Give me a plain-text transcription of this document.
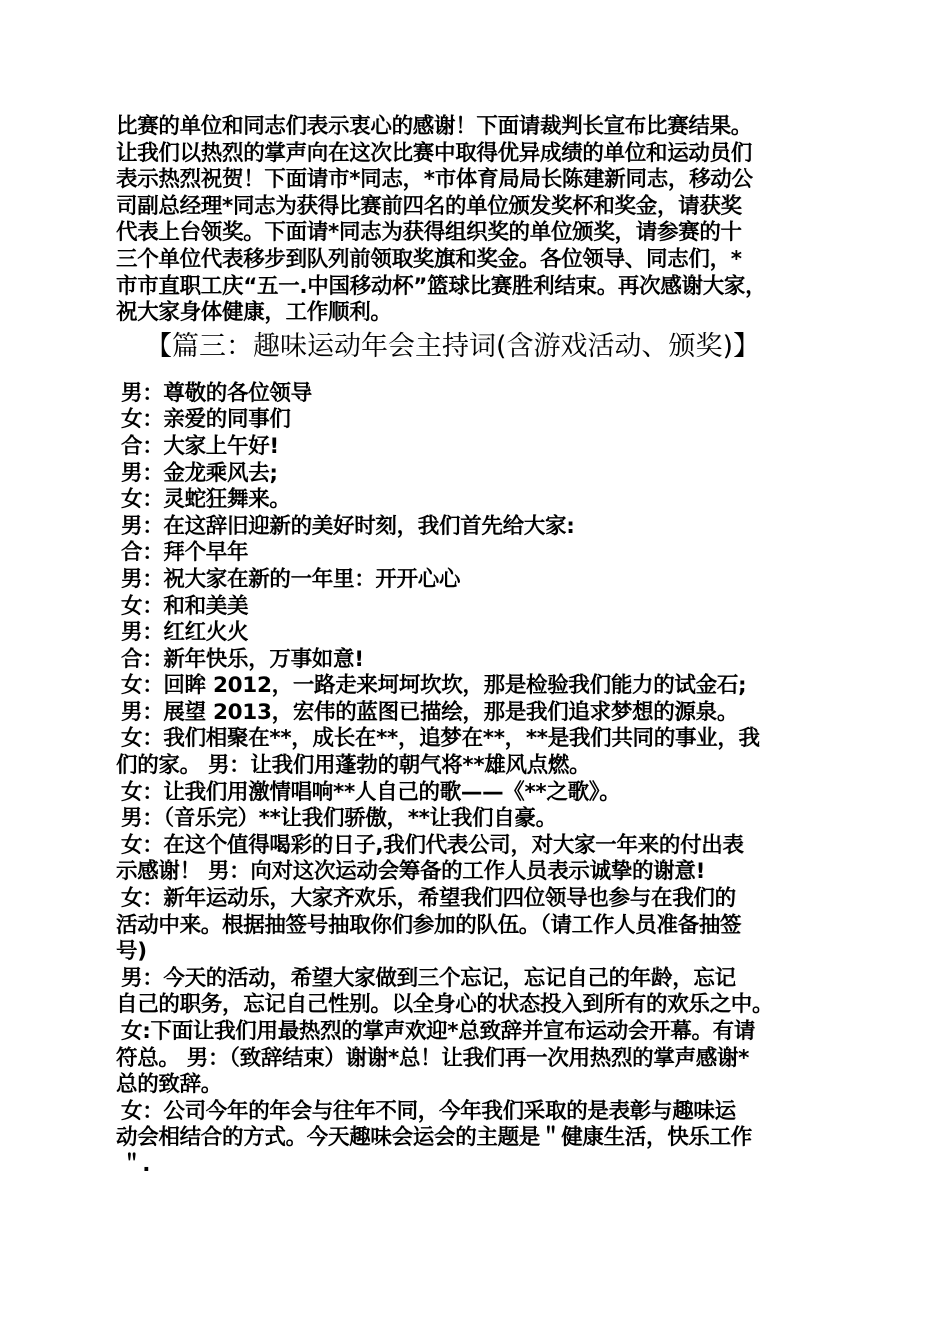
比赛的单位和同志们表示衷心的感谢！下面请裁判长宣布比赛结果。
让我们以热烈的掌声向在这次比赛中取得优异成绩的单位和运动员们
表示热烈祝贺！下面请市*同志，*市体育局局长陈建新同志，移动公
司副总经理*同志为获得比赛前四名的单位颁发奖杯和奖金，请获奖
代表上台领奖。下面请*同志为获得组织奖的单位颁奖，请参赛的十
三个单位代表移步到队列前领取奖旗和奖金。各位领导、同志们，*
市市直职工庆“五一.中国移动杯”篮球比赛胜利结束。再次感谢大家，
祝大家身体健康，工作顺利。
【篇三：趣味运动年会主持词(含游戏活动、颁奖)】
男：尊敬的各位领导
女：亲爱的同事们
合：大家上午好!
男：金龙乘风去;
女：灵蛇狂舞来。
男：在这辞旧迎新的美好时刻，我们首先给大家:
合：拜个早年
男：祝大家在新的一年里：开开心心
女：和和美美
男：红红火火
合：新年快乐，万事如意!
女：回眸 2012，一路走来坷坷坎坎，那是检验我们能力的试金石;
男：展望 2013，宏伟的蓝图已描绘，那是我们追求梦想的源泉。
女：我们相聚在**，成长在**，追梦在**，**是我们共同的事业，我
们的家。 男：让我们用蓬勃的朝气将**雄风点燃。
女：让我们用激情唱响**人自己的歌——《**之歌》。
男：（音乐完）**让我们骄傲，**让我们自豪。
女：在这个值得喝彩的日子,我们代表公司，对大家一年来的付出表
示感谢！ 男：向对这次运动会筹备的工作人员表示诚挚的谢意!
女：新年运动乐，大家齐欢乐，希望我们四位领导也参与在我们的
活动中来。根据抽签号抽取你们参加的队伍。（请工作人员准备抽签
号)
男：今天的活动，希望大家做到三个忘记，忘记自己的年龄，忘记
自己的职务，忘记自己性别。以全身心的状态投入到所有的欢乐之中。
女:下面让我们用最热烈的掌声欢迎*总致辞并宣布运动会开幕。有请
符总。 男：（致辞结束）谢谢*总！让我们再一次用热烈的掌声感谢*
总的致辞。
女：公司今年的年会与往年不同，今年我们采取的是表彰与趣味运
动会相结合的方式。今天趣味会运会的主题是＂健康生活，快乐工作
＂.
